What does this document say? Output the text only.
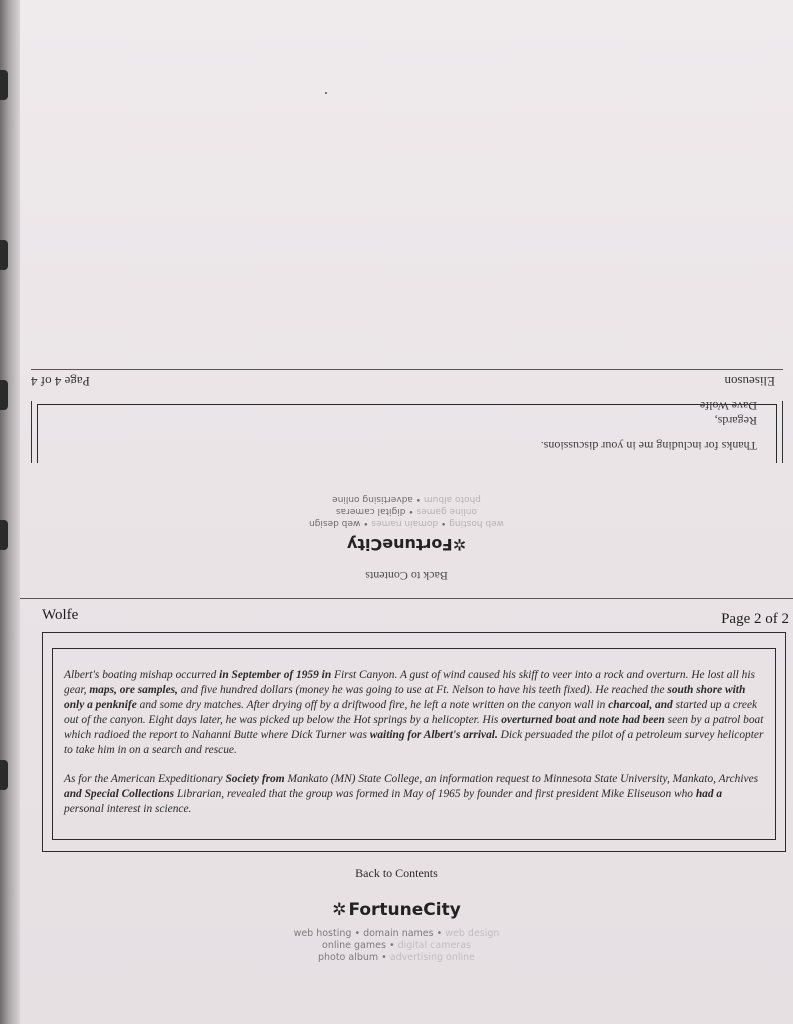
Back to Contents
✲FortuneCity
web hosting • domain names • web design
online games • digital cameras
photo album • advertising online
Thanks for including me in your discussions.
Regards,
Dave Wolfe
Eliseuson
Page 4 of 4
Wolfe	Page 2 of 2

Albert's boating mishap occurred in September of 1959 in First Canyon. A gust of wind caused his skiff to veer into a rock and overturn. He lost all his gear, maps, ore samples, and five hundred dollars (money he was going to use at Ft. Nelson to have his teeth fixed). He reached the south shore with only a penknife and some dry matches. After drying off by a driftwood fire, he left a note written on the canyon wall in charcoal, and started up a creek out of the canyon. Eight days later, he was picked up below the Hot springs by a helicopter. His overturned boat and note had been seen by a patrol boat which radioed the report to Nahanni Butte where Dick Turner was waiting for Albert's arrival. Dick persuaded the pilot of a petroleum survey helicopter to take him in on a search and rescue.

As for the American Expeditionary Society from Mankato (MN) State College, an information request to Minnesota State University, Mankato, Archives and Special Collections Librarian, revealed that the group was formed in May of 1965 by founder and first president Mike Eliseuson who had a personal interest in science.

Back to Contents
✲ FortuneCity
web hosting • domain names • web design
online games • digital cameras
photo album • advertising online
